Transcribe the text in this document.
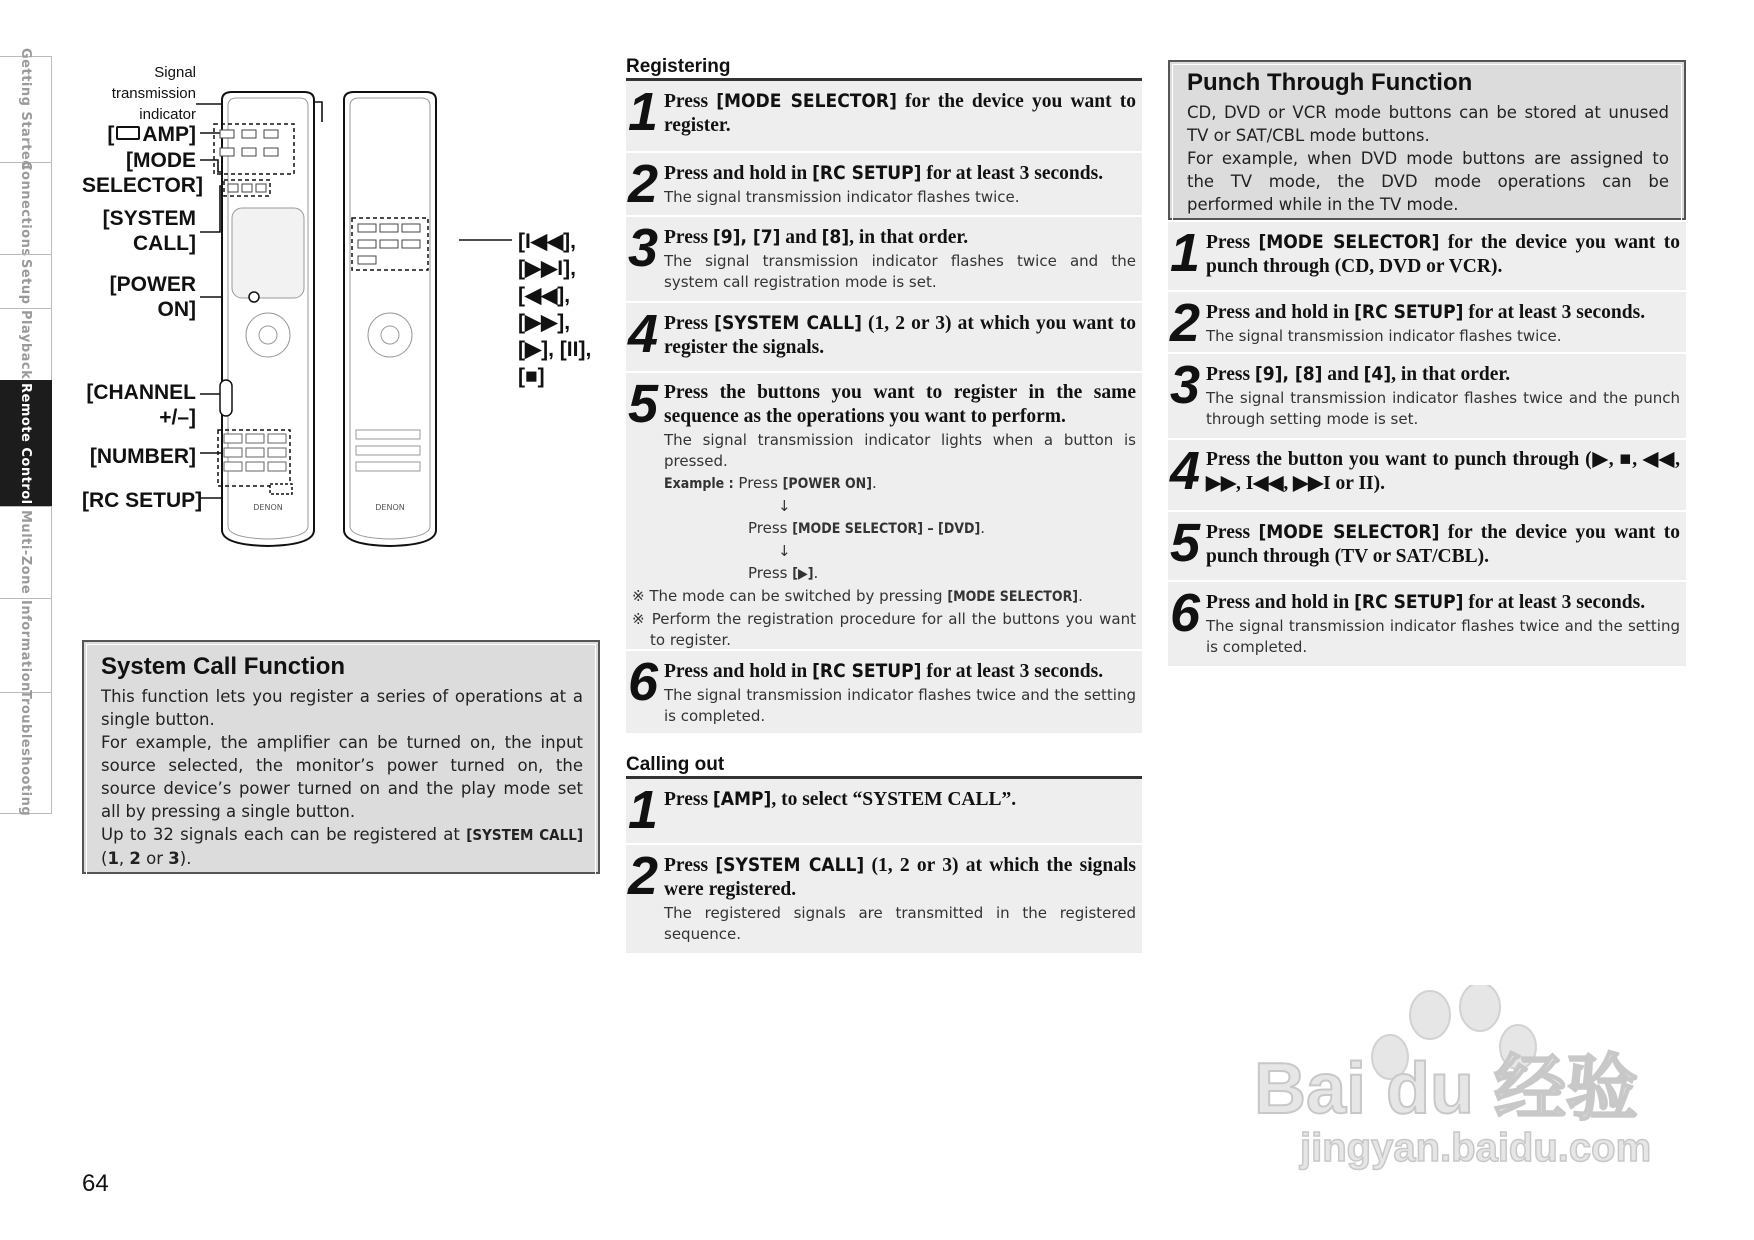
Getting Started
Connections
Setup
Playback
Remote Control
Multi-Zone
Information
Troubleshooting
Signal
transmission
indicator
[ AMP]
[MODE
SELECTOR]
[SYSTEM
CALL]
[POWER
ON]
[CHANNEL
+/–]
[NUMBER]
[RC SETUP]
[I◀◀],
[▶▶I],
[◀◀],
[▶▶],
[▶], [II],
[■]
DENON	DENON
System Call Function

This function lets you register a series of operations at a single button.

For example, the amplifier can be turned on, the input source selected, the monitor’s power turned on, the source device’s power turned on and the play mode set all by pressing a single button.

Up to 32 signals each can be registered at [SYSTEM CALL] (1, 2 or 3).

Registering
1 Press [MODE SELECTOR] for the device you want to register.
2 Press and hold in [RC SETUP] for at least 3 seconds.
The signal transmission indicator flashes twice.
3 Press [9], [7] and [8], in that order.
The signal transmission indicator flashes twice and the system call registration mode is set.
4 Press [SYSTEM CALL] (1, 2 or 3) at which you want to register the signals.
5 Press the buttons you want to register in the same sequence as the operations you want to perform.
The signal transmission indicator lights when a button is pressed.
Example : Press [POWER ON].
↓
Press [MODE SELECTOR] – [DVD].
↓
Press [▶].
※ The mode can be switched by pressing [MODE SELECTOR].
※ Perform the registration procedure for all the buttons you want to register.
6 Press and hold in [RC SETUP] for at least 3 seconds.
The signal transmission indicator flashes twice and the setting is completed.
Calling out
1 Press [AMP], to select “SYSTEM CALL”.
2 Press [SYSTEM CALL] (1, 2 or 3) at which the signals were registered.
The registered signals are transmitted in the registered sequence.
Punch Through Function

CD, DVD or VCR mode buttons can be stored at unused TV or SAT/CBL mode buttons.

For example, when DVD mode buttons are assigned to the TV mode, the DVD mode operations can be performed while in the TV mode.

1 Press [MODE SELECTOR] for the device you want to punch through (CD, DVD or VCR).
2 Press and hold in [RC SETUP] for at least 3 seconds.
The signal transmission indicator flashes twice.
3 Press [9], [8] and [4], in that order.
The signal transmission indicator flashes twice and the punch through setting mode is set.
4 Press the button you want to punch through (▶, ■, ◀◀, ▶▶, I◀◀, ▶▶I or II).
5 Press [MODE SELECTOR] for the device you want to punch through (TV or SAT/CBL).
6 Press and hold in [RC SETUP] for at least 3 seconds.
The signal transmission indicator flashes twice and the setting is completed.
64
Bai du 经验
jingyan.baidu.com
